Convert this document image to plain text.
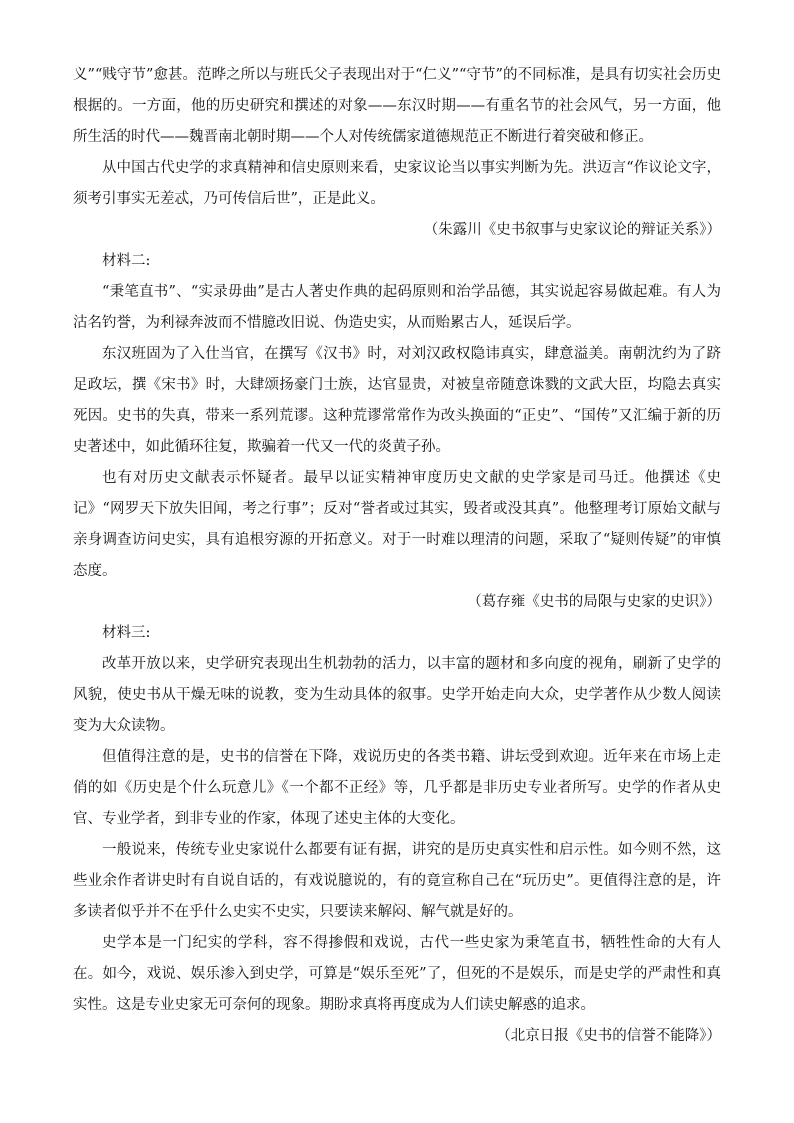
义”“贱守节”愈甚。范晔之所以与班氏父子表现出对于“仁义”“守节”的不同标准，是具有切实社会历史根据的。一方面，他的历史研究和撰述的对象——东汉时期——有重名节的社会风气，另一方面，他所生活的时代——魏晋南北朝时期——个人对传统儒家道德规范正不断进行着突破和修正。

从中国古代史学的求真精神和信史原则来看，史家议论当以事实判断为先。洪迈言“作议论文字，须考引事实无差忒，乃可传信后世”，正是此义。

（朱露川《史书叙事与史家议论的辩证关系》）

材料二:

“秉笔直书”、“实录毋曲”是古人著史作典的起码原则和治学品德，其实说起容易做起难。有人为沽名钓誉，为利禄奔波而不惜臆改旧说、伪造史实，从而贻累古人，延误后学。

东汉班固为了入仕当官，在撰写《汉书》时，对刘汉政权隐讳真实，肆意溢美。南朝沈约为了跻足政坛，撰《宋书》时，大肆颂扬豪门士族，达官显贵，对被皇帝随意诛戮的文武大臣，均隐去真实死因。史书的失真，带来一系列荒谬。这种荒谬常常作为改头换面的“正史”、“国传”又汇编于新的历史著述中，如此循环往复，欺骗着一代又一代的炎黄子孙。

也有对历史文献表示怀疑者。最早以证实精神审度历史文献的史学家是司马迁。他撰述《史记》“网罗天下放失旧闻，考之行事”；反对“誉者或过其实，毁者或没其真”。他整理考订原始文献与亲身调查访问史实，具有追根穷源的开拓意义。对于一时难以理清的问题，采取了“疑则传疑”的审慎态度。

（葛存雍《史书的局限与史家的史识》）

材料三:

改革开放以来，史学研究表现出生机勃勃的活力，以丰富的题材和多向度的视角，刷新了史学的风貌，使史书从干燥无味的说教，变为生动具体的叙事。史学开始走向大众，史学著作从少数人阅读变为大众读物。

但值得注意的是，史书的信誉在下降，戏说历史的各类书籍、讲坛受到欢迎。近年来在市场上走俏的如《历史是个什么玩意儿》《一个都不正经》等，几乎都是非历史专业者所写。史学的作者从史官、专业学者，到非专业的作家，体现了述史主体的大变化。

一般说来，传统专业史家说什么都要有证有据，讲究的是历史真实性和启示性。如今则不然，这些业余作者讲史时有自说自话的，有戏说臆说的，有的竟宣称自己在“玩历史”。更值得注意的是，许多读者似乎并不在乎什么史实不史实，只要读来解闷、解气就是好的。

史学本是一门纪实的学科，容不得掺假和戏说，古代一些史家为秉笔直书，牺牲性命的大有人在。如今，戏说、娱乐渗入到史学，可算是“娱乐至死”了，但死的不是娱乐，而是史学的严肃性和真实性。这是专业史家无可奈何的现象。期盼求真将再度成为人们读史解惑的追求。

（北京日报《史书的信誉不能降》）
